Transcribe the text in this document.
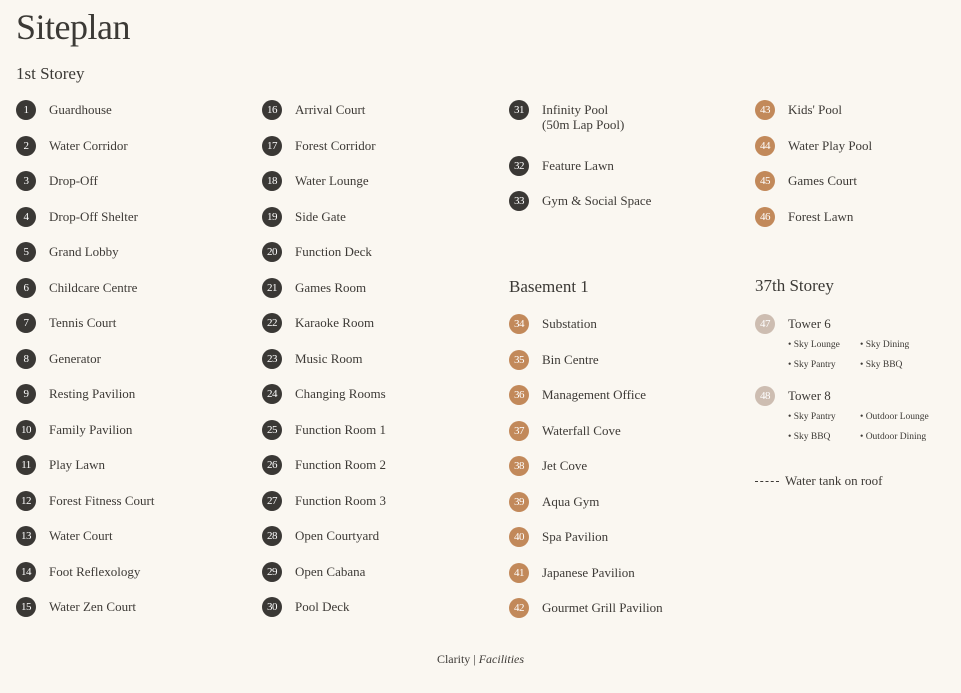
Siteplan
1st Storey
Basement 1	37th Storey
1	Guardhouse
2	Water Corridor
3	Drop-Off
4	Drop-Off Shelter
5	Grand Lobby
6	Childcare Centre
7	Tennis Court
8	Generator
9	Resting Pavilion
10	Family Pavilion
11	Play Lawn
12	Forest Fitness Court
13	Water Court
14	Foot Reflexology
15	Water Zen Court
16	Arrival Court
17	Forest Corridor
18	Water Lounge
19	Side Gate
20	Function Deck
21	Games Room
22	Karaoke Room
23	Music Room
24	Changing Rooms
25	Function Room 1
26	Function Room 2
27	Function Room 3
28	Open Courtyard
29	Open Cabana
30	Pool Deck
31	Infinity Pool
(50m Lap Pool)
32	Feature Lawn
33	Gym & Social Space
34	Substation
35	Bin Centre
36	Management Office
37	Waterfall Cove
38	Jet Cove
39	Aqua Gym
40	Spa Pavilion
41	Japanese Pavilion
42	Gourmet Grill Pavilion
43	Kids' Pool
44	Water Play Pool
45	Games Court
46	Forest Lawn
47	Tower 6
• Sky Lounge • Sky Dining
• Sky Pantry	• Sky BBQ
48	Tower 8
• Sky Pantry	• Outdoor Lounge
• Sky BBQ	• Outdoor Dining
Water tank on roof
Clarity | Facilities
